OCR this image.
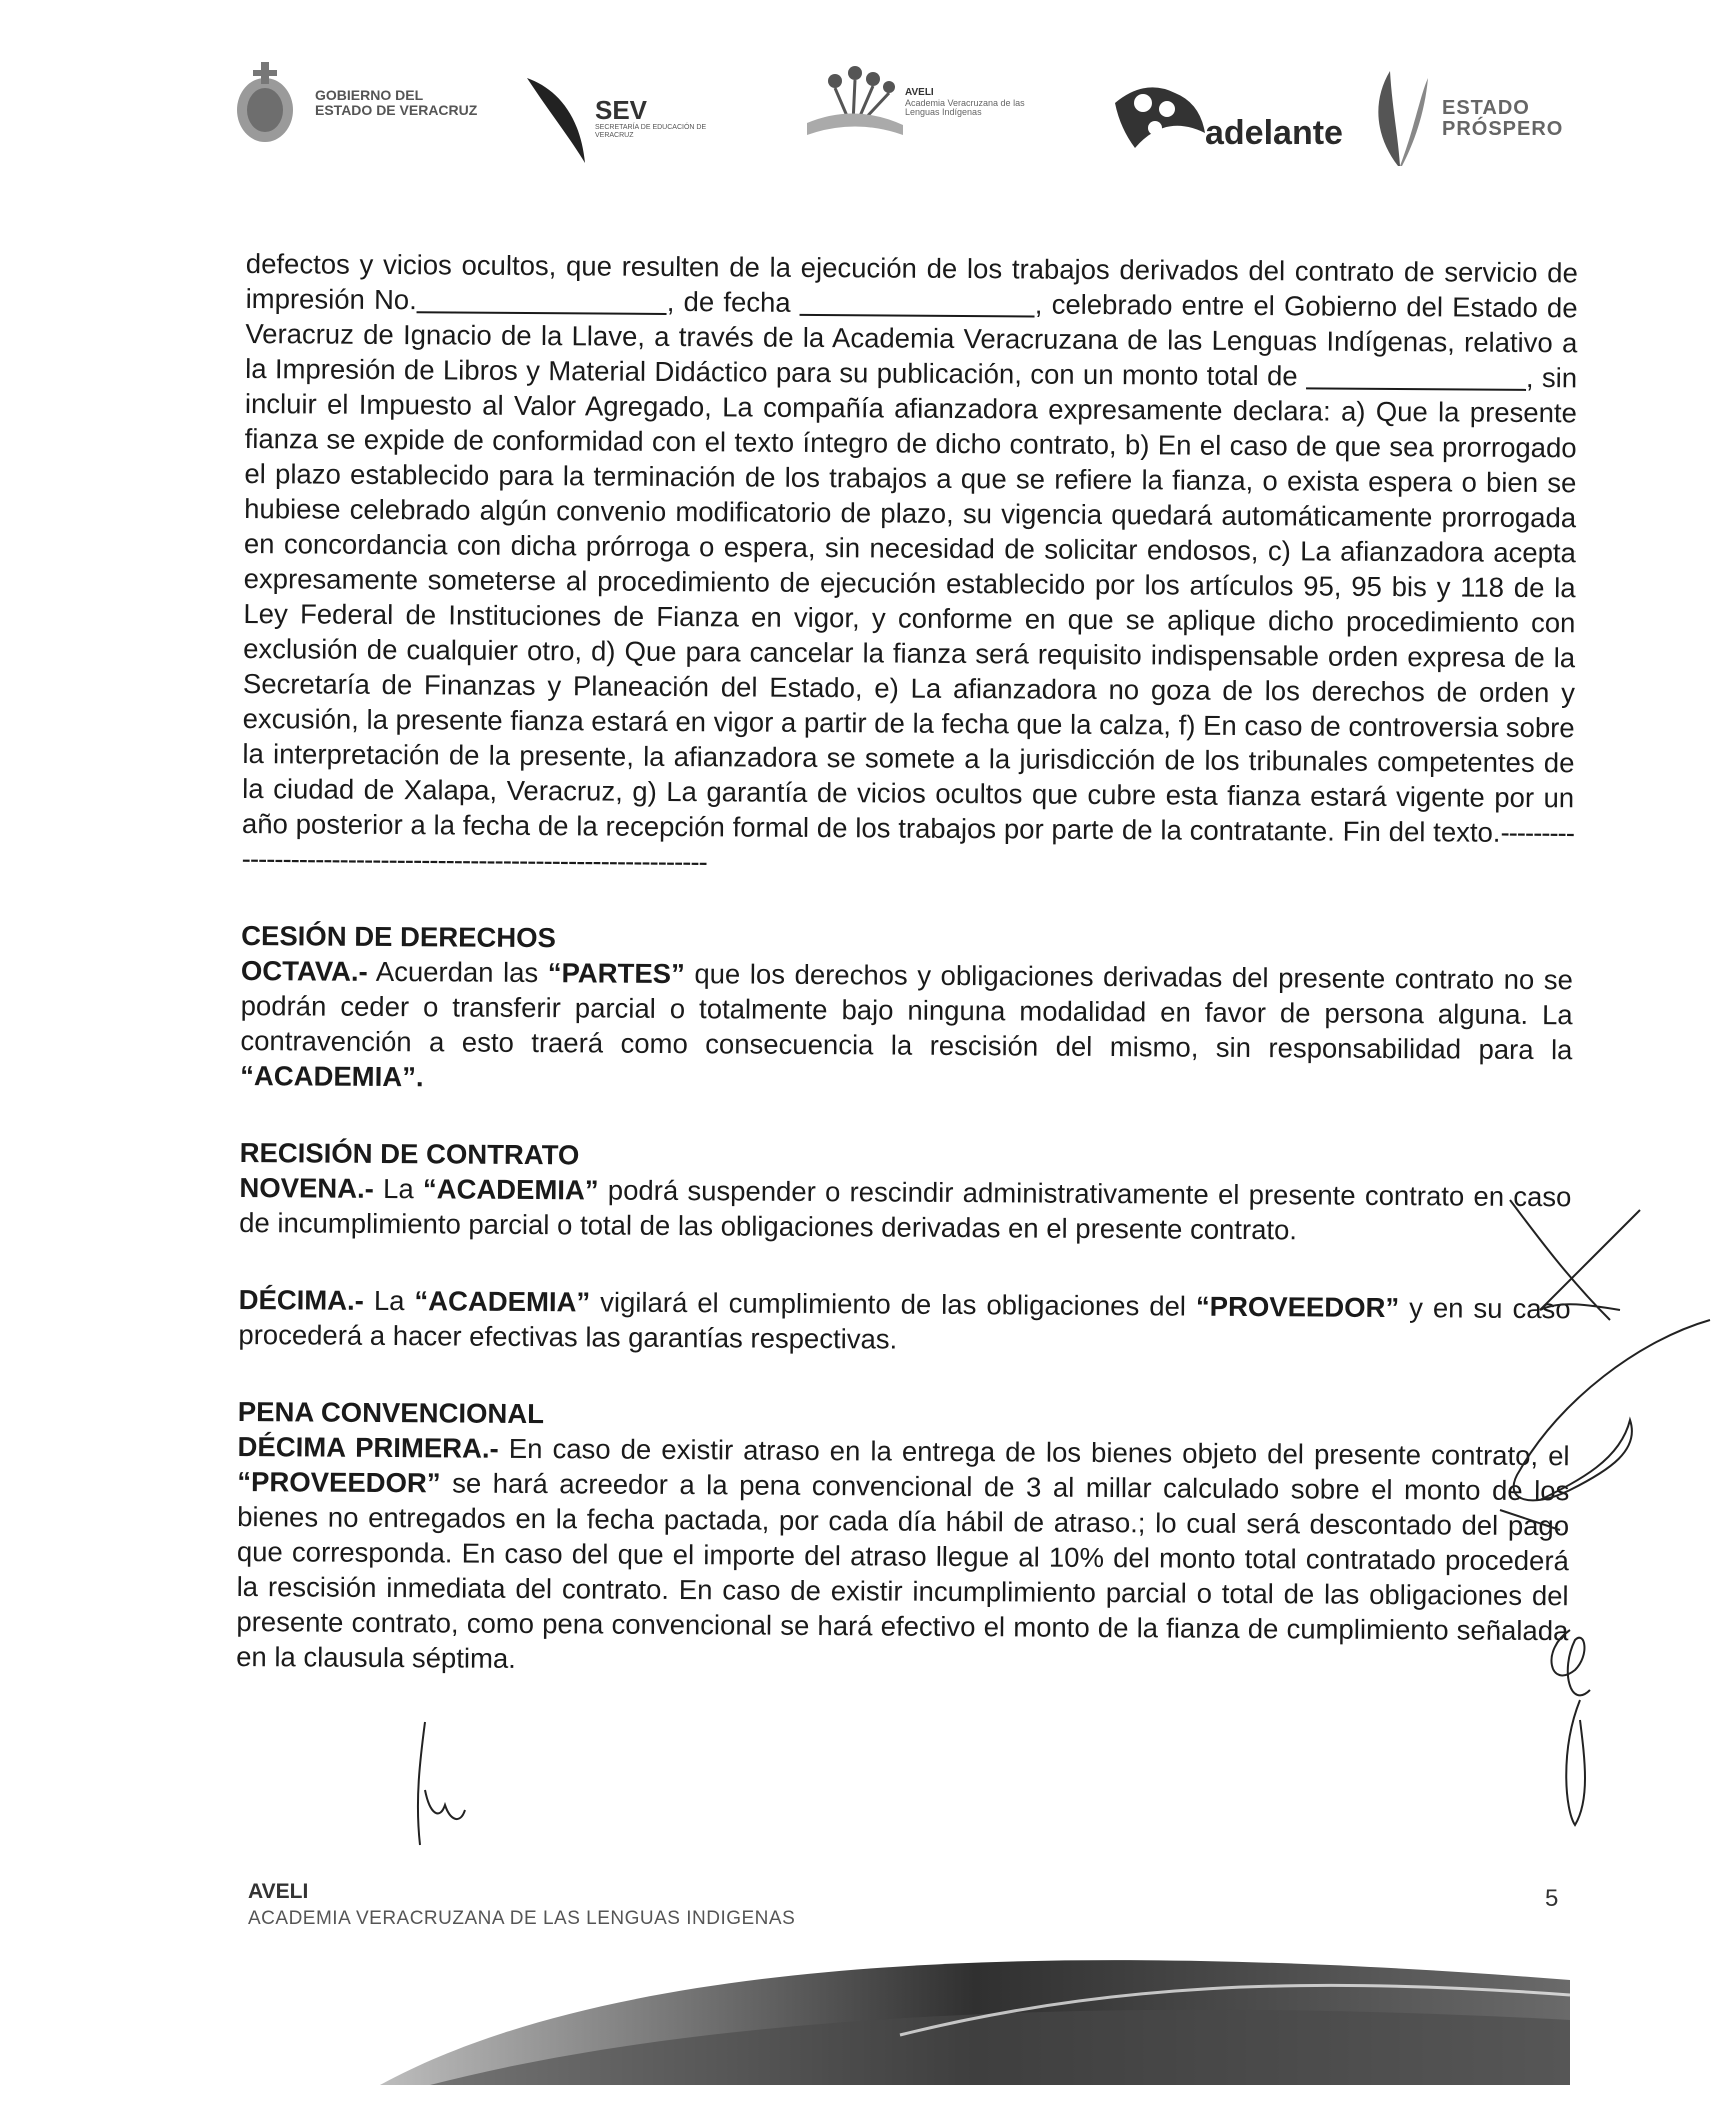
GOBIERNO DEL
ESTADO DE VERACRUZ	SEV
SECRETARÍA DE EDUCACIÓN DE VERACRUZ
AVELI
Academia Veracruzana de las Lenguas Indígenas
adelante
ESTADO
PRÓSPERO

defectos y vicios ocultos, que resulten de la ejecución de los trabajos derivados del contrato de servicio de impresión No.	, de fecha	, celebrado entre el Gobierno del Estado de Veracruz de Ignacio de la Llave, a través de la Academia Veracruzana de las Lenguas Indígenas, relativo a la Impresión de Libros y Material Didáctico para su publicación, con un monto total de	, sin incluir el Impuesto al Valor Agregado, La compañía afianzadora expresamente declara: a) Que la presente fianza se expide de conformidad con el texto íntegro de dicho contrato, b) En el caso de que sea prorrogado el plazo establecido para la terminación de los trabajos a que se refiere la fianza, o exista espera o bien se hubiese celebrado algún convenio modificatorio de plazo, su vigencia quedará automáticamente prorrogada en concordancia con dicha prórroga o espera, sin necesidad de solicitar endosos, c) La afianzadora acepta expresamente someterse al procedimiento de ejecución establecido por los artículos 95, 95 bis y 118 de la Ley Federal de Instituciones de Fianza en vigor, y conforme en que se aplique dicho procedimiento con exclusión de cualquier otro, d) Que para cancelar la fianza será requisito indispensable orden expresa de la Secretaría de Finanzas y Planeación del Estado, e) La afianzadora no goza de los derechos de orden y excusión, la presente fianza estará en vigor a partir de la fecha que la calza, f) En caso de controversia sobre la interpretación de la presente, la afianzadora se somete a la jurisdicción de los tribunales competentes de la ciudad de Xalapa, Veracruz, g) La garantía de vicios ocultos que cubre esta fianza estará vigente por un año posterior a la fecha de la recepción formal de los trabajos por parte de la contratante. Fin del texto.------------------------------------------------------------------

CESIÓN DE DERECHOS

OCTAVA.- Acuerdan las “PARTES” que los derechos y obligaciones derivadas del presente contrato no se podrán ceder o transferir parcial o totalmente bajo ninguna modalidad en favor de persona alguna. La contravención a esto traerá como consecuencia la rescisión del mismo, sin responsabilidad para la “ACADEMIA”.

RECISIÓN DE CONTRATO

NOVENA.- La “ACADEMIA” podrá suspender o rescindir administrativamente el presente contrato en caso de incumplimiento parcial o total de las obligaciones derivadas en el presente contrato.

DÉCIMA.- La “ACADEMIA” vigilará el cumplimiento de las obligaciones del “PROVEEDOR” y en su caso procederá a hacer efectivas las garantías respectivas.

PENA CONVENCIONAL

DÉCIMA PRIMERA.- En caso de existir atraso en la entrega de los bienes objeto del presente contrato, el “PROVEEDOR” se hará acreedor a la pena convencional de 3 al millar calculado sobre el monto de los bienes no entregados en la fecha pactada, por cada día hábil de atraso.; lo cual será descontado del pago que corresponda. En caso del que el importe del atraso llegue al 10% del monto total contratado procederá la rescisión inmediata del contrato. En caso de existir incumplimiento parcial o total de las obligaciones del presente contrato, como pena convencional se hará efectivo el monto de la fianza de cumplimiento señalada en la clausula séptima.

AVELI
ACADEMIA VERACRUZANA DE LAS LENGUAS INDIGENAS
5
